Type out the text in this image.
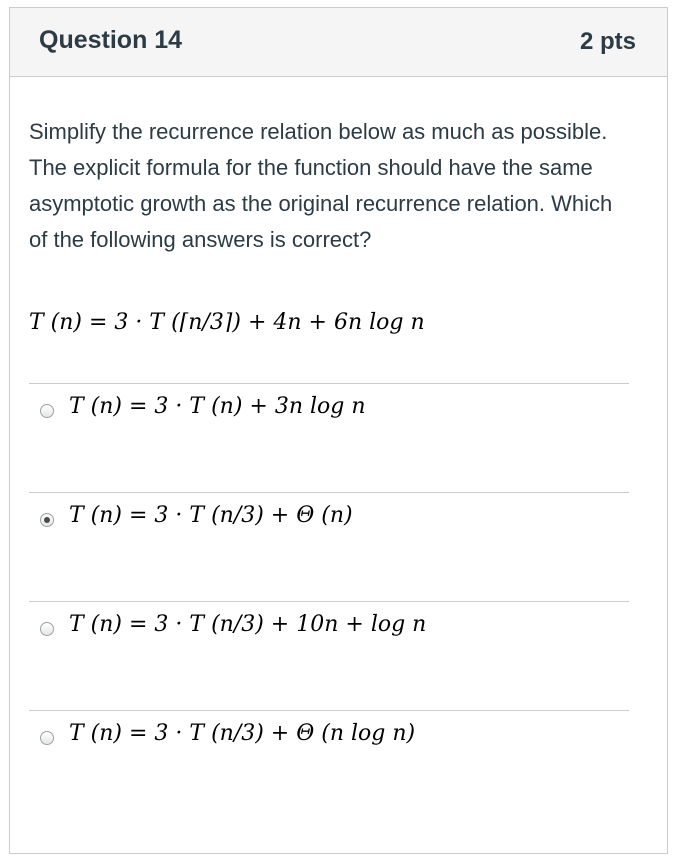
Question 14	2 pts
Simplify the recurrence relation below as much as possible. The explicit formula for the function should have the same asymptotic growth as the original recurrence relation. Which of the following answers is correct?
T (n) = 3 · T (⌈n/3⌉) + 4n + 6n log n
T (n) = 3 · T (n) + 3n log n
T (n) = 3 · T (n/3) + Θ (n)
T (n) = 3 · T (n/3) + 10n + log n
T (n) = 3 · T (n/3) + Θ (n log n)
